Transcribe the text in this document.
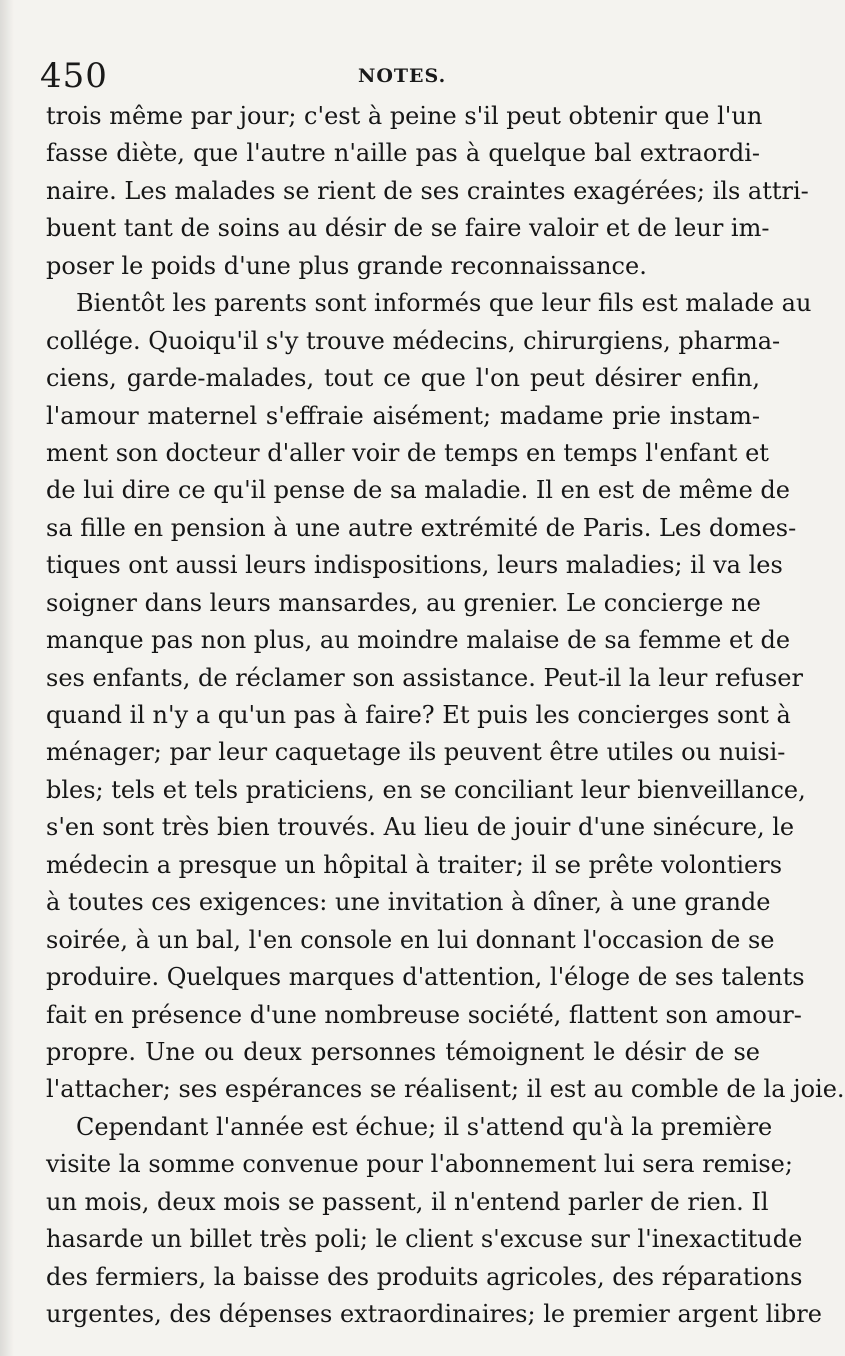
450	NOTES.

trois même par jour; c'est à peine s'il peut obtenir que l'un
fasse diète, que l'autre n'aille pas à quelque bal extraordi-
naire. Les malades se rient de ses craintes exagérées; ils attri-
buent tant de soins au désir de se faire valoir et de leur im-
poser le poids d'une plus grande reconnaissance.

Bientôt les parents sont informés que leur fils est malade au
collége. Quoiqu'il s'y trouve médecins, chirurgiens, pharma-
ciens, garde-malades, tout ce que l'on peut désirer enfin,
l'amour maternel s'effraie aisément; madame prie instam-
ment son docteur d'aller voir de temps en temps l'enfant et
de lui dire ce qu'il pense de sa maladie. Il en est de même de
sa fille en pension à une autre extrémité de Paris. Les domes-
tiques ont aussi leurs indispositions, leurs maladies; il va les
soigner dans leurs mansardes, au grenier. Le concierge ne
manque pas non plus, au moindre malaise de sa femme et de
ses enfants, de réclamer son assistance. Peut-il la leur refuser
quand il n'y a qu'un pas à faire? Et puis les concierges sont à
ménager; par leur caquetage ils peuvent être utiles ou nuisi-
bles; tels et tels praticiens, en se conciliant leur bienveillance,
s'en sont très bien trouvés. Au lieu de jouir d'une sinécure, le
médecin a presque un hôpital à traiter; il se prête volontiers
à toutes ces exigences: une invitation à dîner, à une grande
soirée, à un bal, l'en console en lui donnant l'occasion de se
produire. Quelques marques d'attention, l'éloge de ses talents
fait en présence d'une nombreuse société, flattent son amour-
propre. Une ou deux personnes témoignent le désir de se
l'attacher; ses espérances se réalisent; il est au comble de la joie.

Cependant l'année est échue; il s'attend qu'à la première
visite la somme convenue pour l'abonnement lui sera remise;
un mois, deux mois se passent, il n'entend parler de rien. Il
hasarde un billet très poli; le client s'excuse sur l'inexactitude
des fermiers, la baisse des produits agricoles, des réparations
urgentes, des dépenses extraordinaires; le premier argent libre
